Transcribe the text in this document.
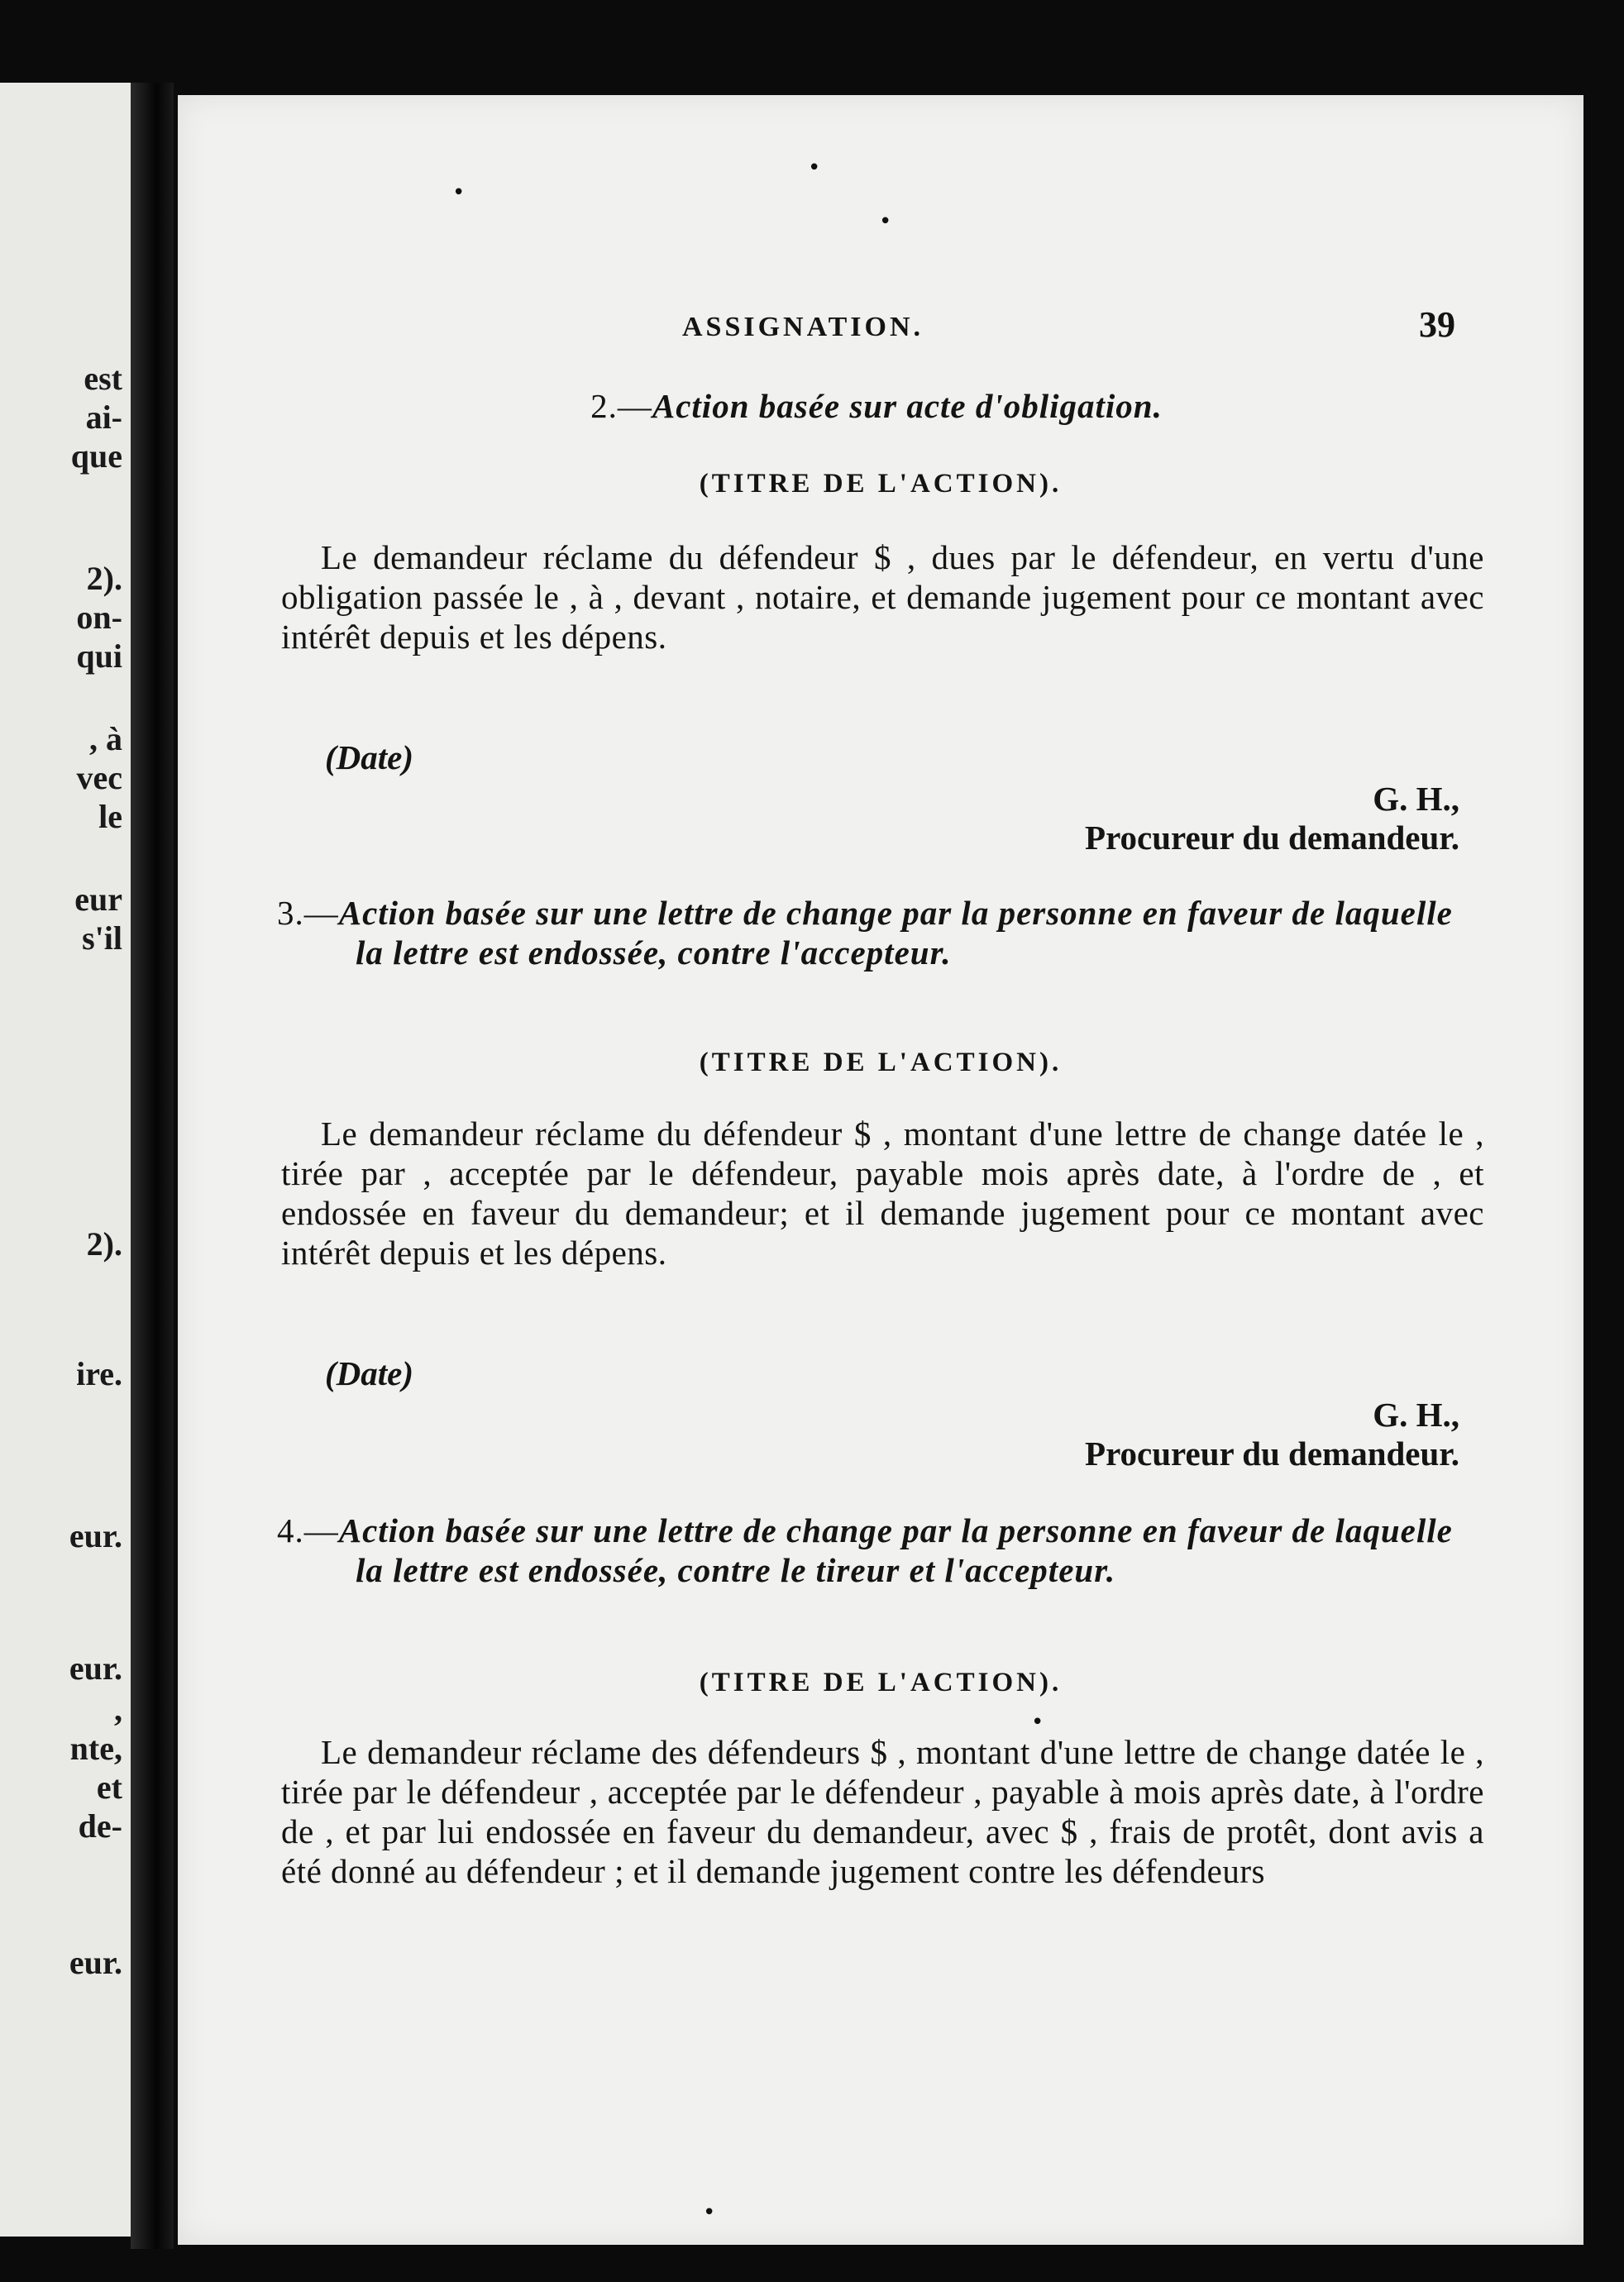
est
ai-
que
2).
on-
qui
, à
vec
le
eur
s'il
2).
ire.
eur.
eur.
,
nte,
et
de-
eur.
•
•
•
ASSIGNATION.	39
2.—Action basée sur acte d'obligation.
(TITRE DE L'ACTION).
Le demandeur réclame du défendeur $ , dues par le défendeur, en vertu d'une obligation passée le , à , devant , notaire, et demande jugement pour ce montant avec intérêt depuis et les dépens.
(Date)
G. H.,
Procureur du demandeur.
3.—Action basée sur une lettre de change par la personne en faveur de laquelle la lettre est endossée, contre l'accepteur.
(TITRE DE L'ACTION).
Le demandeur réclame du défendeur $ , montant d'une lettre de change datée le , tirée par , acceptée par le défendeur, payable mois après date, à l'ordre de , et endossée en faveur du demandeur; et il demande jugement pour ce montant avec intérêt depuis et les dépens.
(Date)
G. H.,
Procureur du demandeur.
4.—Action basée sur une lettre de change par la personne en faveur de laquelle la lettre est endossée, contre le tireur et l'accepteur.
(TITRE DE L'ACTION).
•
Le demandeur réclame des défendeurs $ , montant d'une lettre de change datée le , tirée par le défendeur , acceptée par le défendeur , payable à mois après date, à l'ordre de , et par lui endossée en faveur du demandeur, avec $ , frais de protêt, dont avis a été donné au défendeur ; et il demande jugement contre les défendeurs
•
